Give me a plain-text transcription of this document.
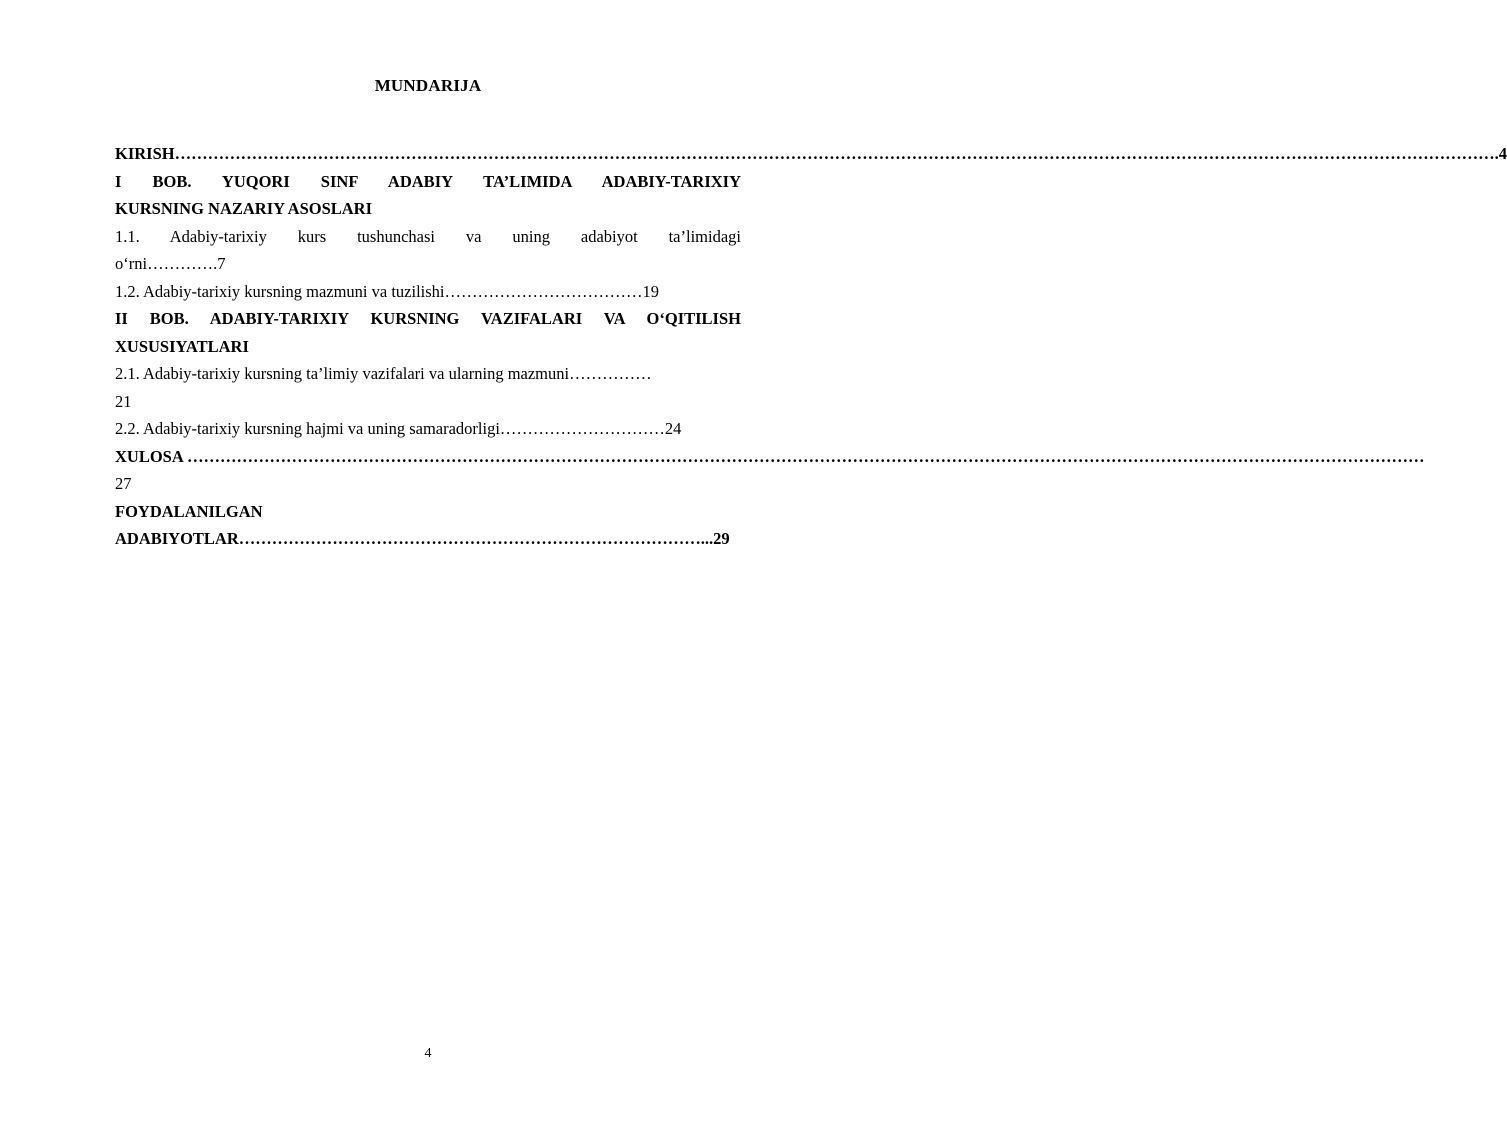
MUNDARIJA
KIRISH…………………………………………………………………………………………………………………………………………………………………………………………………………………….4
I BOB. YUQORI SINF ADABIY TA’LIMIDA ADABIY-TARIXIY
KURSNING NAZARIY ASOSLARI
1.1. Adabiy-tarixiy kurs tushunchasi va uning adabiyot ta’limidagi
o‘rni………….7
1.2. Adabiy-tarixiy kursning mazmuni va tuzilishi………………………………19
II BOB. ADABIY-TARIXIY KURSNING VAZIFALARI VA O‘QITILISH
XUSUSIYATLARI
2.1. Adabiy-tarixiy kursning ta’limiy vazifalari va ularning mazmuni……………
21
2.2. Adabiy-tarixiy kursning hajmi va uning samaradorligi…………………………24
XULOSA ………………………………………………………………………………………………………………………………………………………………………………………………………
27
FOYDALANILGAN
ADABIYOTLAR…………………………………………………………………………...29
4
